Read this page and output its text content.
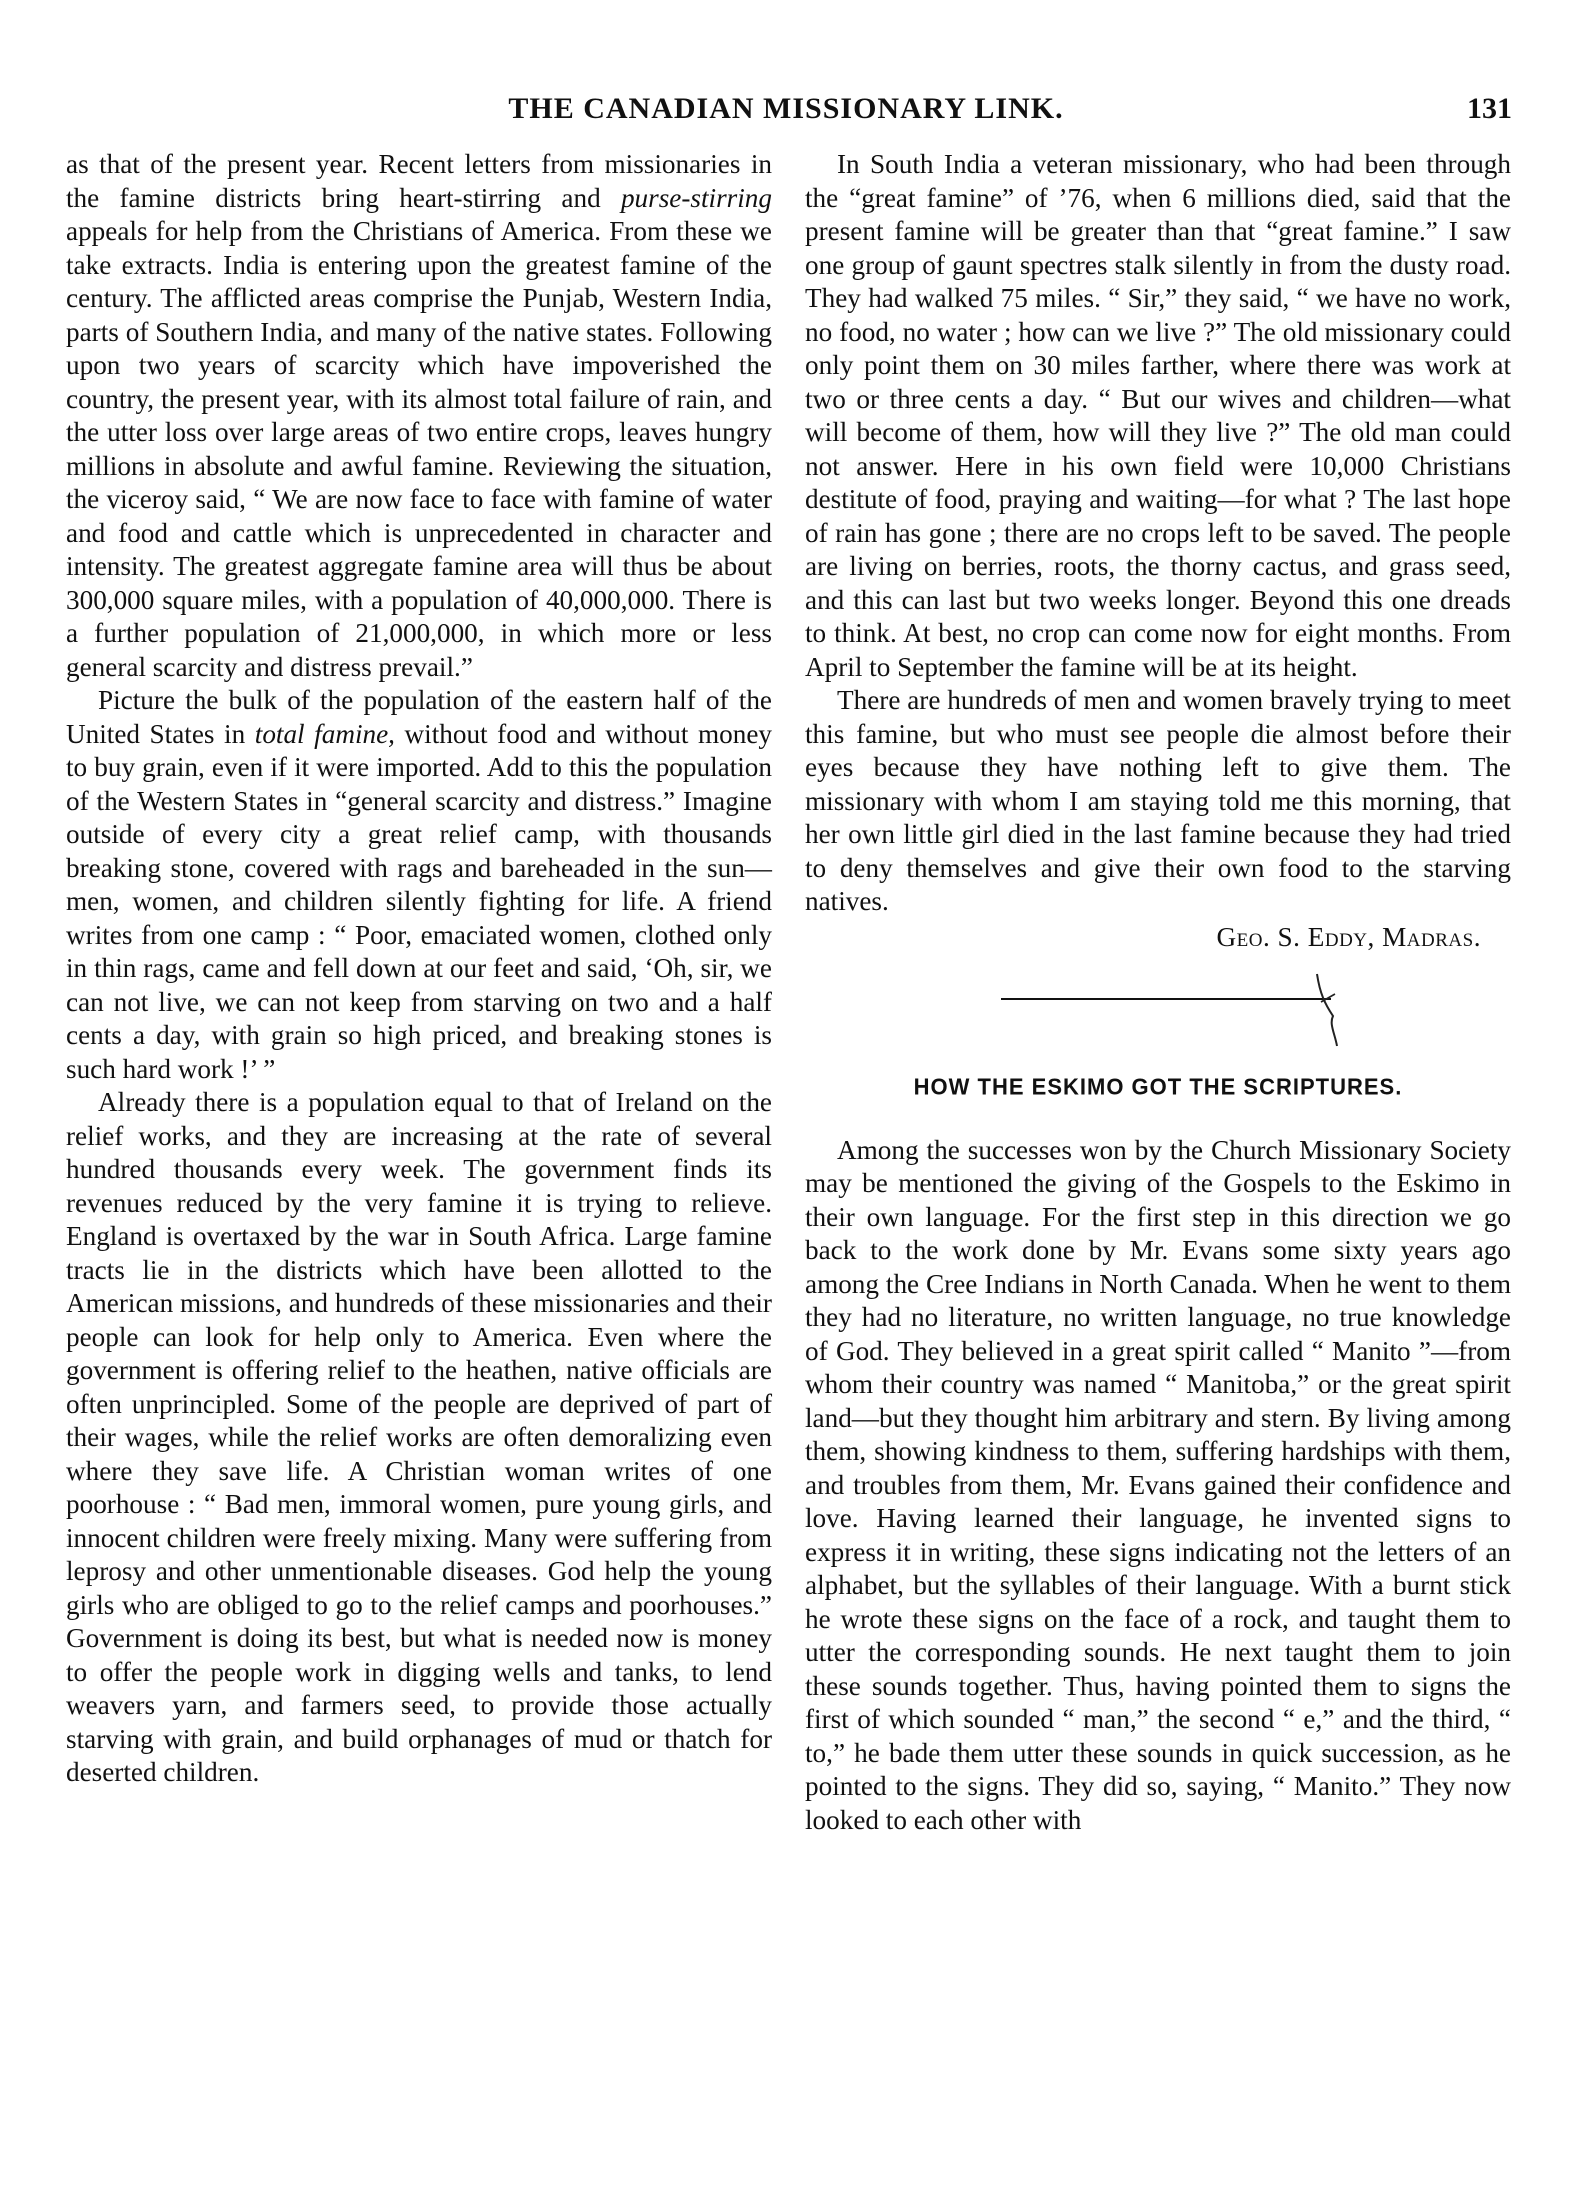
THE CANADIAN MISSIONARY LINK.	131

as that of the present year. Recent letters from missionaries in the famine districts bring heart-stirring and purse-stirring appeals for help from the Christians of America. From these we take extracts. India is entering upon the greatest famine of the century. The afflicted areas comprise the Punjab, Western India, parts of Southern India, and many of the native states. Following upon two years of scarcity which have impoverished the country, the present year, with its almost total failure of rain, and the utter loss over large areas of two entire crops, leaves hungry millions in absolute and awful famine. Reviewing the situation, the viceroy said, “ We are now face to face with famine of water and food and cattle which is unprecedented in character and intensity. The greatest aggregate famine area will thus be about 300,000 square miles, with a population of 40,000,000. There is a further population of 21,000,000, in which more or less general scarcity and distress prevail.”

Picture the bulk of the population of the eastern half of the United States in total famine, without food and without money to buy grain, even if it were imported. Add to this the population of the Western States in “general scarcity and distress.” Imagine outside of every city a great relief camp, with thousands breaking stone, covered with rags and bareheaded in the sun—men, women, and children silently fighting for life. A friend writes from one camp : “ Poor, emaciated women, clothed only in thin rags, came and fell down at our feet and said, ‘Oh, sir, we can not live, we can not keep from starving on two and a half cents a day, with grain so high priced, and breaking stones is such hard work !’ ”

Already there is a population equal to that of Ireland on the relief works, and they are increasing at the rate of several hundred thousands every week. The government finds its revenues reduced by the very famine it is trying to relieve. England is overtaxed by the war in South Africa. Large famine tracts lie in the districts which have been allotted to the American missions, and hundreds of these missionaries and their people can look for help only to America. Even where the government is offering relief to the heathen, native officials are often unprincipled. Some of the people are deprived of part of their wages, while the relief works are often demoralizing even where they save life. A Christian woman writes of one poorhouse : “ Bad men, immoral women, pure young girls, and innocent children were freely mixing. Many were suffering from leprosy and other unmentionable diseases. God help the young girls who are obliged to go to the relief camps and poorhouses.” Government is doing its best, but what is needed now is money to offer the people work in digging wells and tanks, to lend weavers yarn, and farmers seed, to provide those actually starving with grain, and build orphanages of mud or thatch for deserted children.

In South India a veteran missionary, who had been through the “great famine” of ’76, when 6 millions died, said that the present famine will be greater than that “great famine.” I saw one group of gaunt spectres stalk silently in from the dusty road. They had walked 75 miles. “ Sir,” they said, “ we have no work, no food, no water ; how can we live ?” The old missionary could only point them on 30 miles farther, where there was work at two or three cents a day. “ But our wives and children—what will become of them, how will they live ?” The old man could not answer. Here in his own field were 10,000 Christians destitute of food, praying and waiting—for what ? The last hope of rain has gone ; there are no crops left to be saved. The people are living on berries, roots, the thorny cactus, and grass seed, and this can last but two weeks longer. Beyond this one dreads to think. At best, no crop can come now for eight months. From April to September the famine will be at its height.

There are hundreds of men and women bravely trying to meet this famine, but who must see people die almost before their eyes because they have nothing left to give them. The missionary with whom I am staying told me this morning, that her own little girl died in the last famine because they had tried to deny themselves and give their own food to the starving natives.

Geo. S. Eddy, Madras.
HOW THE ESKIMO GOT THE SCRIPTURES.

Among the successes won by the Church Missionary Society may be mentioned the giving of the Gospels to the Eskimo in their own language. For the first step in this direction we go back to the work done by Mr. Evans some sixty years ago among the Cree Indians in North Canada. When he went to them they had no literature, no written language, no true knowledge of God. They believed in a great spirit called “ Manito ”—from whom their country was named “ Manitoba,” or the great spirit land—but they thought him arbitrary and stern. By living among them, showing kindness to them, suffering hardships with them, and troubles from them, Mr. Evans gained their confidence and love. Having learned their language, he invented signs to express it in writing, these signs indicating not the letters of an alphabet, but the syllables of their language. With a burnt stick he wrote these signs on the face of a rock, and taught them to utter the corresponding sounds. He next taught them to join these sounds together. Thus, having pointed them to signs the first of which sounded “ man,” the second “ e,” and the third, “ to,” he bade them utter these sounds in quick succession, as he pointed to the signs. They did so, saying, “ Manito.” They now looked to each other with
